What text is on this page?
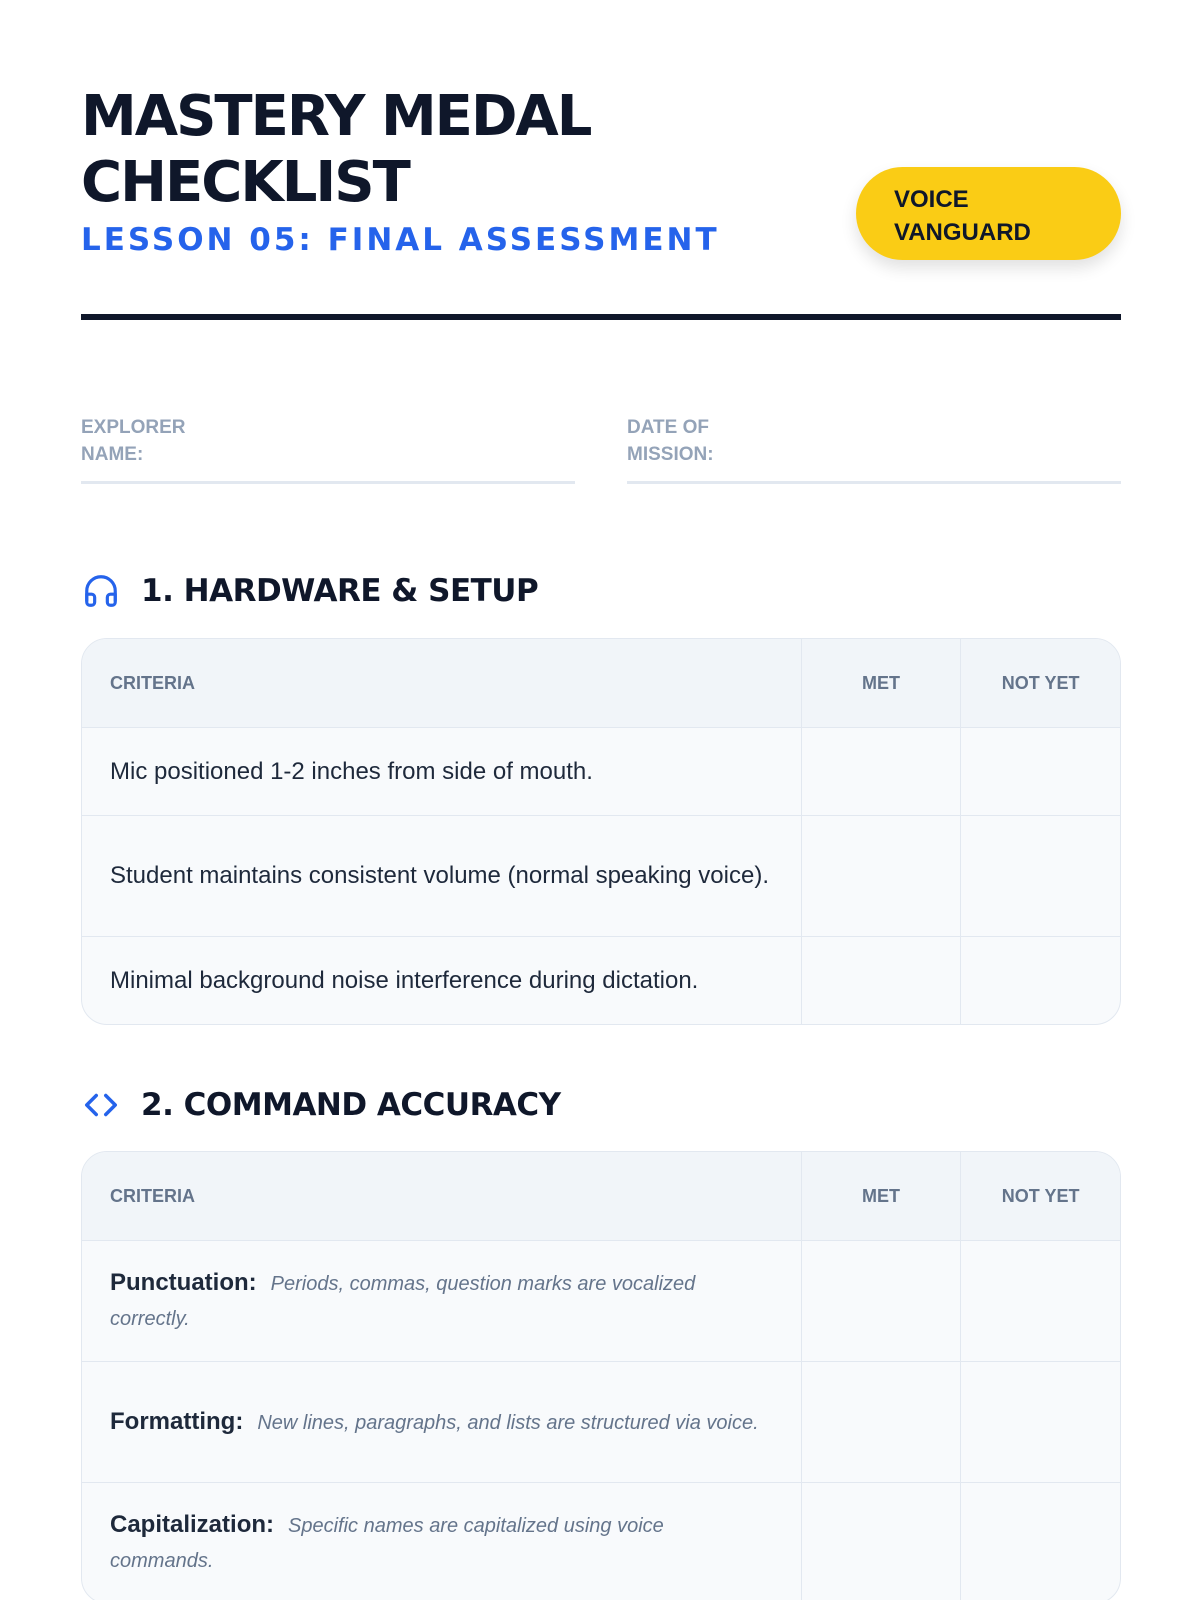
MASTERY MEDAL CHECKLIST
LESSON 05: FINAL ASSESSMENT
VOICE VANGUARD
EXPLORER NAME:
DATE OF MISSION:
1. HARDWARE & SETUP
CRITERIA	MET	NOT YET
Mic positioned 1-2 inches from side of mouth.
Student maintains consistent volume (normal speaking voice).
Minimal background noise interference during dictation.
2. COMMAND ACCURACY
CRITERIA	MET	NOT YET
Punctuation: Periods, commas, question marks are vocalized correctly.
Formatting: New lines, paragraphs, and lists are structured via voice.
Capitalization: Specific names are capitalized using voice commands.
